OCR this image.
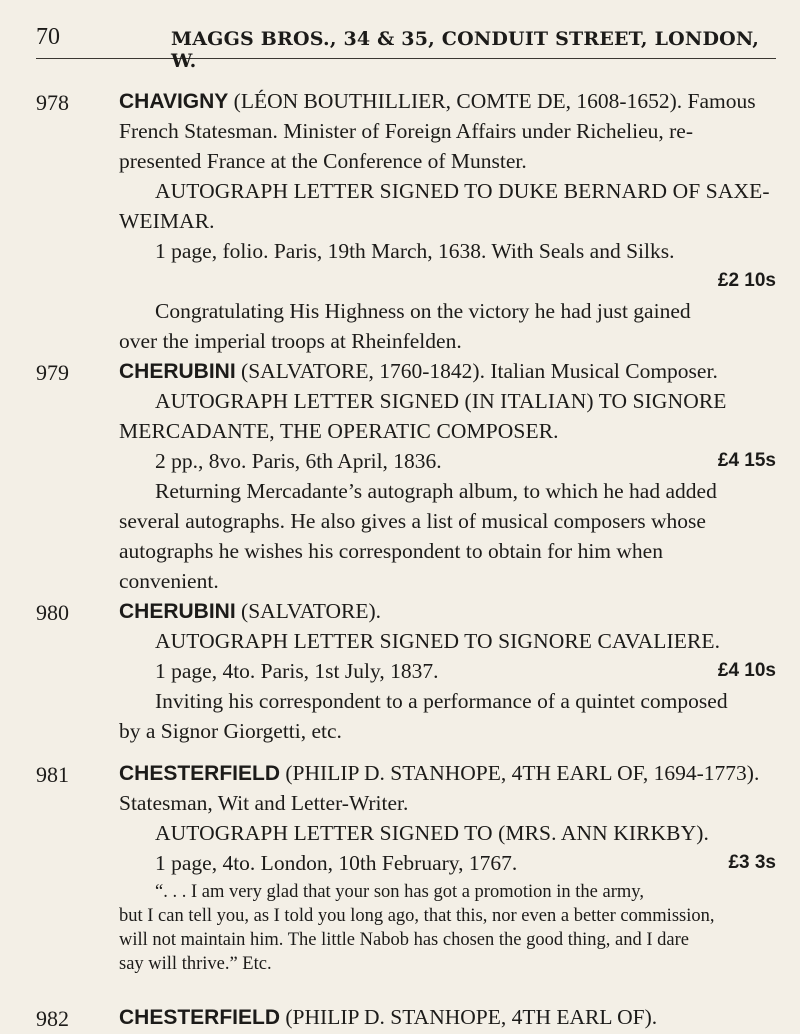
70	MAGGS BROS., 34 & 35, CONDUIT STREET, LONDON, W.
978 CHAVIGNY (LÉON BOUTHILLIER, COMTE DE, 1608-1652). Famous
French Statesman. Minister of Foreign Affairs under Richelieu, re-
presented France at the Conference of Munster.
AUTOGRAPH LETTER SIGNED TO DUKE BERNARD OF SAXE-
WEIMAR.
1 page, folio. Paris, 19th March, 1638. With Seals and Silks.
£2 10s
Congratulating His Highness on the victory he had just gained
over the imperial troops at Rheinfelden.
979 CHERUBINI (SALVATORE, 1760-1842). Italian Musical Composer.
AUTOGRAPH LETTER SIGNED (IN ITALIAN) TO SIGNORE
MERCADANTE, THE OPERATIC COMPOSER.
2 pp., 8vo. Paris, 6th April, 1836.	£4 15s
Returning Mercadante’s autograph album, to which he had added
several autographs. He also gives a list of musical composers whose
autographs he wishes his correspondent to obtain for him when
convenient.
980 CHERUBINI (SALVATORE).
AUTOGRAPH LETTER SIGNED TO SIGNORE CAVALIERE.
1 page, 4to. Paris, 1st July, 1837.	£4 10s
Inviting his correspondent to a performance of a quintet composed
by a Signor Giorgetti, etc.
981 CHESTERFIELD (PHILIP D. STANHOPE, 4TH EARL OF, 1694-1773).
Statesman, Wit and Letter-Writer.
AUTOGRAPH LETTER SIGNED TO (MRS. ANN KIRKBY).
1 page, 4to. London, 10th February, 1767.	£3 3s
“. . . I am very glad that your son has got a promotion in the army,
but I can tell you, as I told you long ago, that this, nor even a better commission,
will not maintain him. The little Nabob has chosen the good thing, and I dare
say will thrive.” Etc.
982 CHESTERFIELD (PHILIP D. STANHOPE, 4TH EARL OF).
